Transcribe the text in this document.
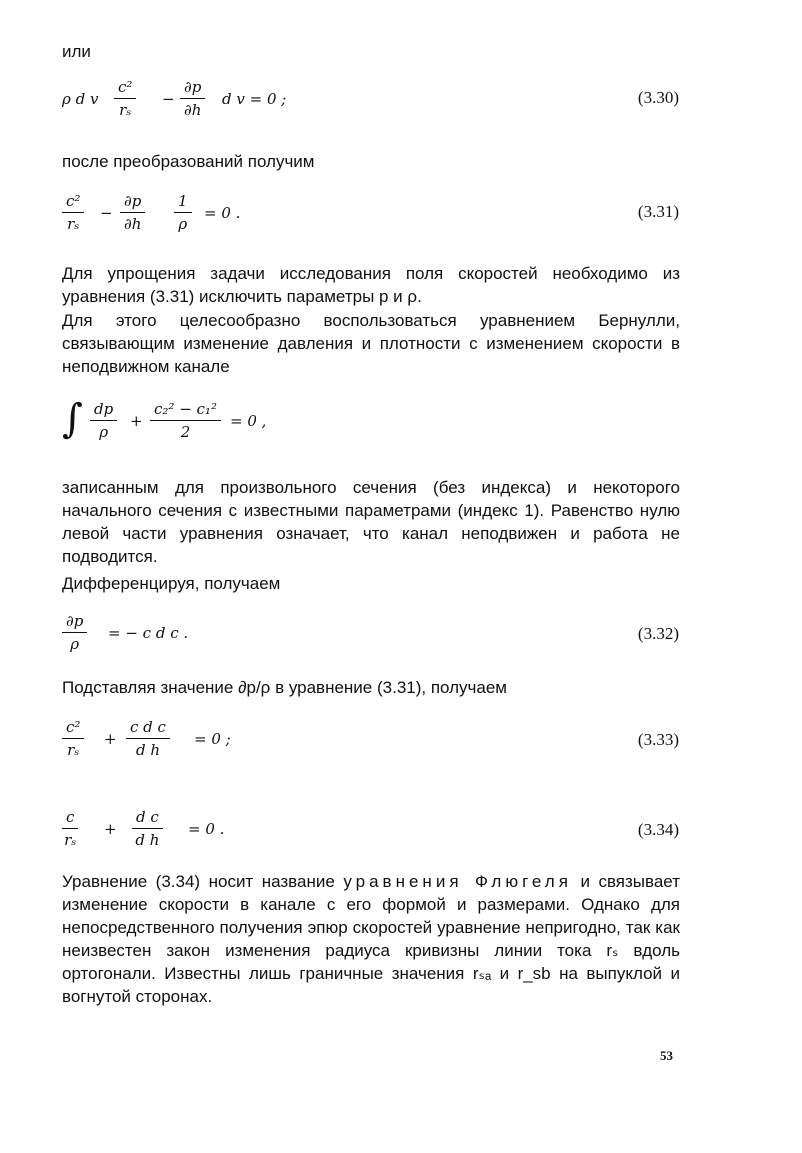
или

ρ d v
c²
rₛ
−
∂p
∂h
d v = 0 ;	(3.30)

после преобразований получим

c²
rₛ
−
∂p
∂h
1
ρ
= 0 .	(3.31)

Для упрощения задачи исследования поля скоростей необходимо из уравнения (3.31) исключить параметры p и ρ.

Для этого целесообразно воспользоваться уравнением Бернулли, связывающим изменение давления и плотности с изменением скорости в неподвижном канале

∫ dp
ρ
+
c₂² − c₁²
2
= 0 ,

записанным для произвольного сечения (без индекса) и некоторого начального сечения с известными параметрами (индекс 1). Равенство нулю левой части уравнения означает, что канал неподвижен и работа не подводится.

Дифференцируя, получаем

∂p
ρ
= − c d c .	(3.32)

Подставляя значение ∂p/ρ в уравнение (3.31), получаем

c²
rₛ
+
c d c
d h
= 0 ;	(3.33)
c
rₛ
+
d c
d h
= 0 .	(3.34)

Уравнение (3.34) носит название уравнения Флюгеля и связывает изменение скорости в канале с его формой и размерами. Однако для непосредственного получения эпюр скоростей уравнение непригодно, так как неизвестен закон изменения радиуса кривизны линии тока rₛ вдоль ортогонали. Известны лишь граничные значения rₛₐ и r_sb на выпуклой и вогнутой сторонах.

53
